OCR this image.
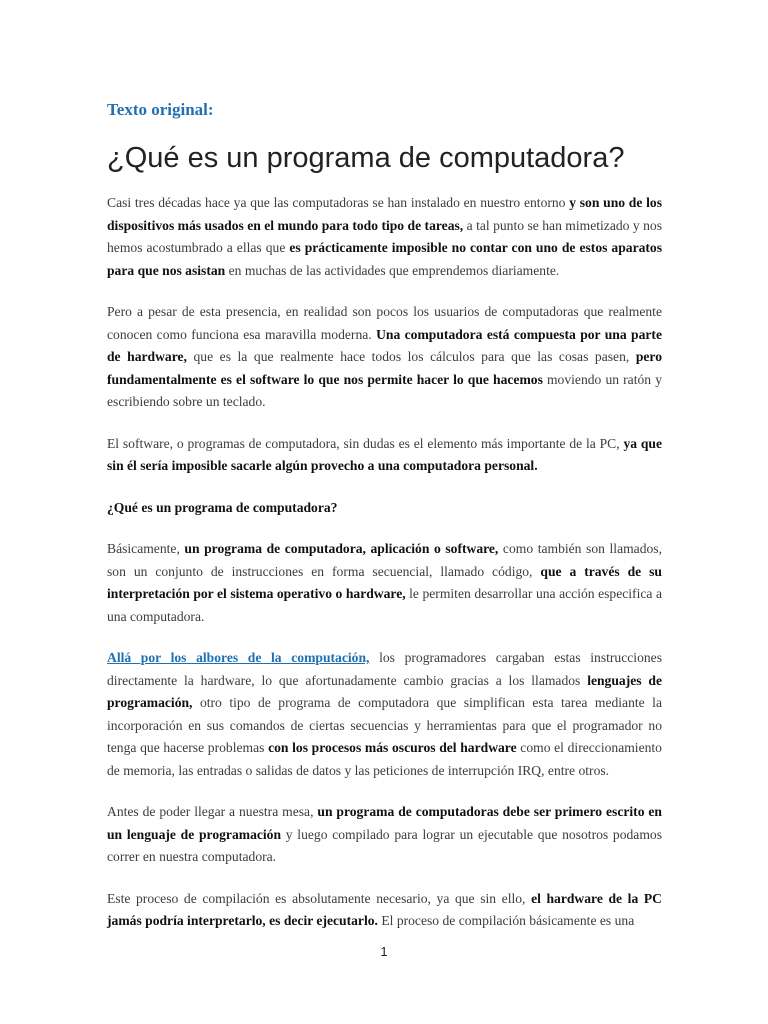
Texto original:
¿Qué es un programa de computadora?

Casi tres décadas hace ya que las computadoras se han instalado en nuestro entorno y son uno de los dispositivos más usados en el mundo para todo tipo de tareas, a tal punto se han mimetizado y nos hemos acostumbrado a ellas que es prácticamente imposible no contar con uno de estos aparatos para que nos asistan en muchas de las actividades que emprendemos diariamente.

Pero a pesar de esta presencia, en realidad son pocos los usuarios de computadoras que realmente conocen como funciona esa maravilla moderna. Una computadora está compuesta por una parte de hardware, que es la que realmente hace todos los cálculos para que las cosas pasen, pero fundamentalmente es el software lo que nos permite hacer lo que hacemos moviendo un ratón y escribiendo sobre un teclado.

El software, o programas de computadora, sin dudas es el elemento más importante de la PC, ya que sin él sería imposible sacarle algún provecho a una computadora personal.

¿Qué es un programa de computadora?

Básicamente, un programa de computadora, aplicación o software, como también son llamados, son un conjunto de instrucciones en forma secuencial, llamado código, que a través de su interpretación por el sistema operativo o hardware, le permiten desarrollar una acción especifica a una computadora.

Allá por los albores de la computación, los programadores cargaban estas instrucciones directamente la hardware, lo que afortunadamente cambio gracias a los llamados lenguajes de programación, otro tipo de programa de computadora que simplifican esta tarea mediante la incorporación en sus comandos de ciertas secuencias y herramientas para que el programador no tenga que hacerse problemas con los procesos más oscuros del hardware como el direccionamiento de memoria, las entradas o salidas de datos y las peticiones de interrupción IRQ, entre otros.

Antes de poder llegar a nuestra mesa, un programa de computadoras debe ser primero escrito en un lenguaje de programación y luego compilado para lograr un ejecutable que nosotros podamos correr en nuestra computadora.

Este proceso de compilación es absolutamente necesario, ya que sin ello, el hardware de la PC jamás podría interpretarlo, es decir ejecutarlo. El proceso de compilación básicamente es una

1
